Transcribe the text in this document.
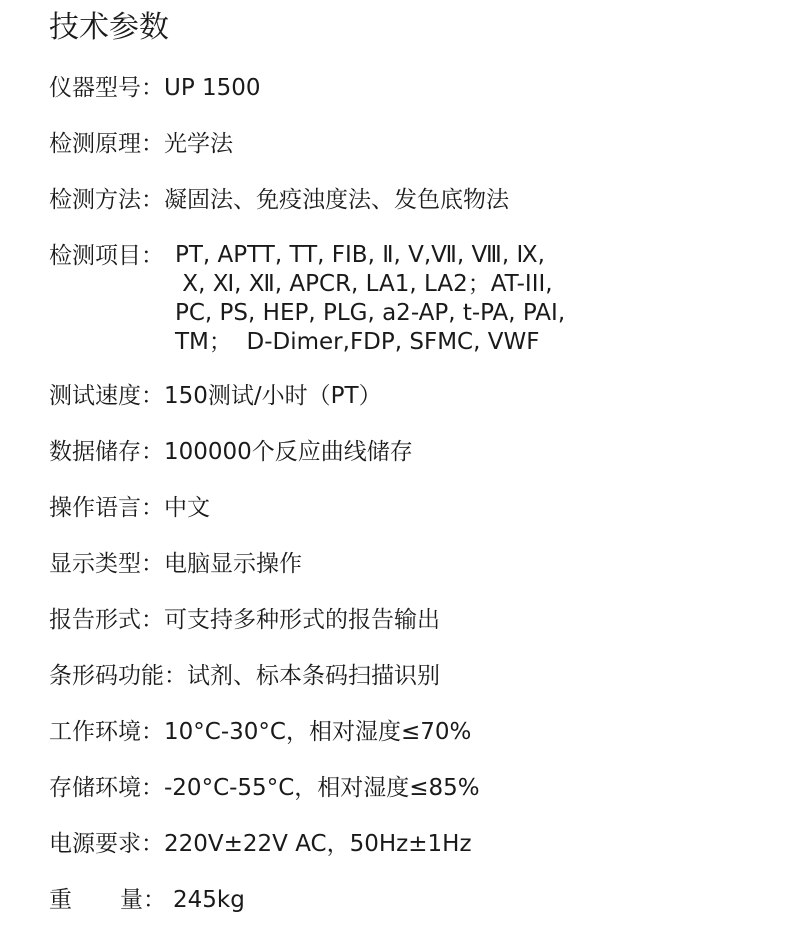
技术参数
仪器型号：UP 1500
检测原理：光学法
检测方法：凝固法、免疫浊度法、发色底物法
检测项目： PT, APTT, TT, FIB, Ⅱ, Ⅴ,Ⅶ, Ⅷ, Ⅸ,
Ⅹ, Ⅺ, Ⅻ, APCR, LA1, LA2；AT-III,
PC, PS, HEP, PLG, a2-AP, t-PA, PAI,
TM；  D-Dimer,FDP, SFMC, VWF
测试速度：150测试/小时（PT）
数据储存：100000个反应曲线储存
操作语言：中文
显示类型：电脑显示操作
报告形式：可支持多种形式的报告输出
条形码功能：试剂、标本条码扫描识别
工作环境：10°C-30°C，相对湿度≤70%
存储环境：-20°C-55°C，相对湿度≤85%
电源要求：220V±22V AC，50Hz±1Hz
重 量： 245kg
